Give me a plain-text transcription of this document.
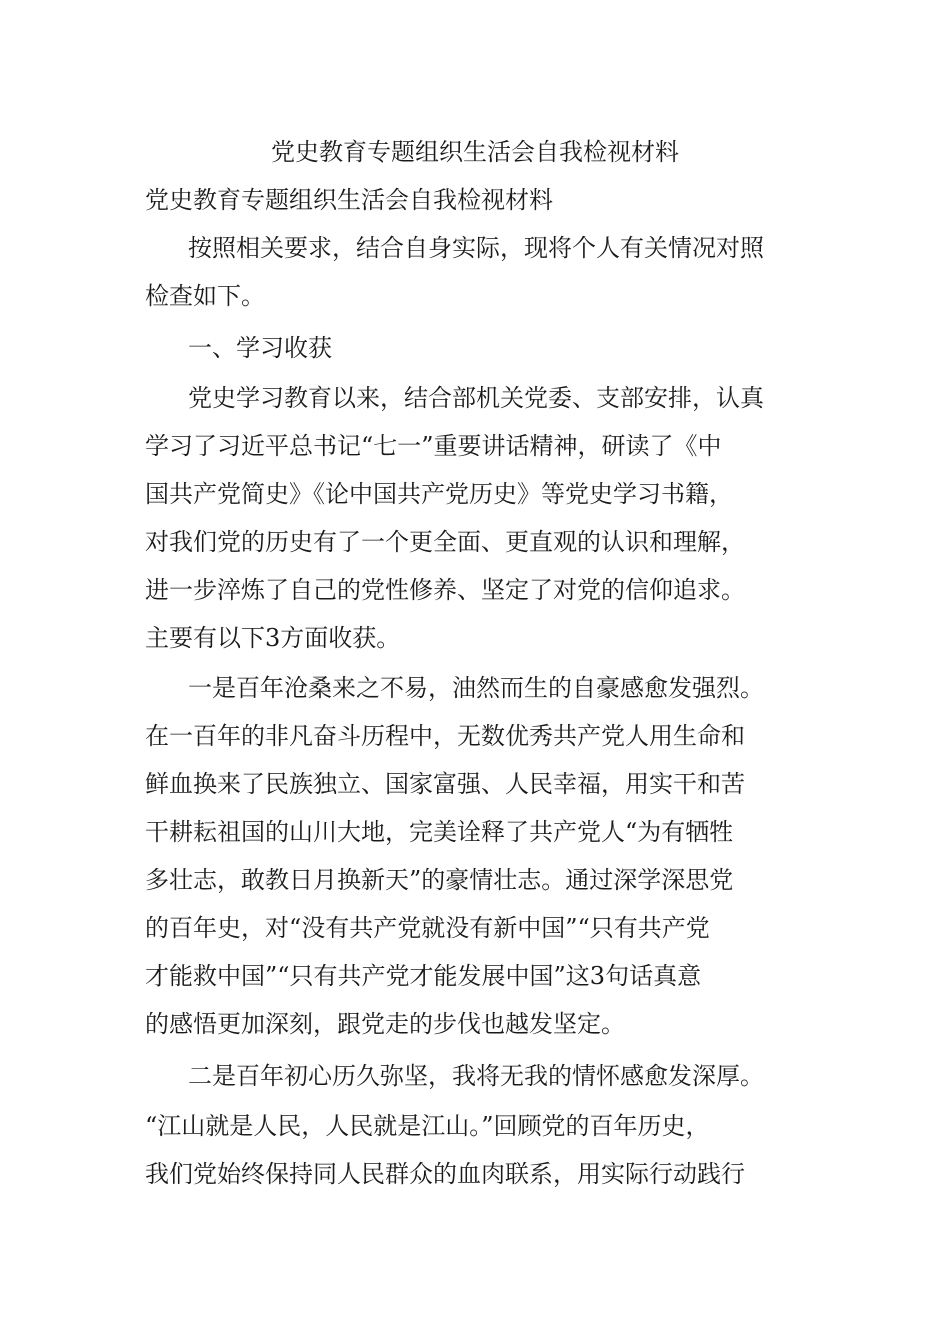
党史教育专题组织生活会自我检视材料
党史教育专题组织生活会自我检视材料
按照相关要求，结合自身实际，现将个人有关情况对照
检查如下。
一、学习收获
党史学习教育以来，结合部机关党委、支部安排，认真
学习了习近平总书记“七一”重要讲话精神，研读了《中
国共产党简史》《论中国共产党历史》等党史学习书籍，
对我们党的历史有了一个更全面、更直观的认识和理解，
进一步淬炼了自己的党性修养、坚定了对党的信仰追求。
主要有以下3方面收获。
一是百年沧桑来之不易，油然而生的自豪感愈发强烈。
在一百年的非凡奋斗历程中，无数优秀共产党人用生命和
鲜血换来了民族独立、国家富强、人民幸福，用实干和苦
干耕耘祖国的山川大地，完美诠释了共产党人“为有牺牲
多壮志，敢教日月换新天”的豪情壮志。通过深学深思党
的百年史，对“没有共产党就没有新中国”“只有共产党
才能救中国”“只有共产党才能发展中国”这3句话真意
的感悟更加深刻，跟党走的步伐也越发坚定。
二是百年初心历久弥坚，我将无我的情怀感愈发深厚。
“江山就是人民，人民就是江山。”回顾党的百年历史，
我们党始终保持同人民群众的血肉联系，用实际行动践行
